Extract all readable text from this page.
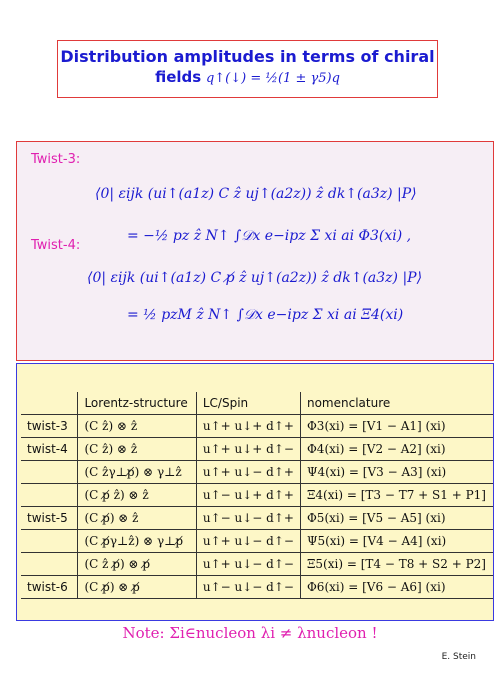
Distribution amplitudes in terms of chiral
fields q↑(↓) = ½(1 ± γ5)q
Twist-3:
⟨0| εijk (ui↑(a1z) C ẑ uj↑(a2z)) ẑ dk↑(a3z) |P⟩
= −½ pz ẑ N↑ ∫𝒟x e−ipz Σ xi ai Φ3(xi) ,
Twist-4:
⟨0| εijk (ui↑(a1z) C p̸ ẑ uj↑(a2z)) ẑ dk↑(a3z) |P⟩
= ½ pzM ẑ N↑ ∫𝒟x e−ipz Σ xi ai Ξ4(xi)
	Lorentz-structure	LC/Spin	nomenclature
twist-3	(C ẑ) ⊗ ẑ	u↑+ u↓+ d↑+	Φ3(xi) = [V1 − A1] (xi)
twist-4	(C ẑ) ⊗ ẑ	u↑+ u↓+ d↑−	Φ4(xi) = [V2 − A2] (xi)
	(C ẑγ⊥p̸) ⊗ γ⊥ẑ	u↑+ u↓− d↑+	Ψ4(xi) = [V3 − A3] (xi)
	(C p̸ ẑ) ⊗ ẑ	u↑− u↓+ d↑+	Ξ4(xi) = [T3 − T7 + S1 + P1]
twist-5	(C p̸) ⊗ ẑ	u↑− u↓− d↑+	Φ5(xi) = [V5 − A5] (xi)
	(C p̸γ⊥ẑ) ⊗ γ⊥p̸	u↑+ u↓− d↑−	Ψ5(xi) = [V4 − A4] (xi)
	(C ẑ p̸) ⊗ p̸	u↑+ u↓− d↑−	Ξ5(xi) = [T4 − T8 + S2 + P2]
twist-6	(C p̸) ⊗ p̸	u↑− u↓− d↑−	Φ6(xi) = [V6 − A6] (xi)
Note: Σi∈nucleon λi ≠ λnucleon !
E. Stein
